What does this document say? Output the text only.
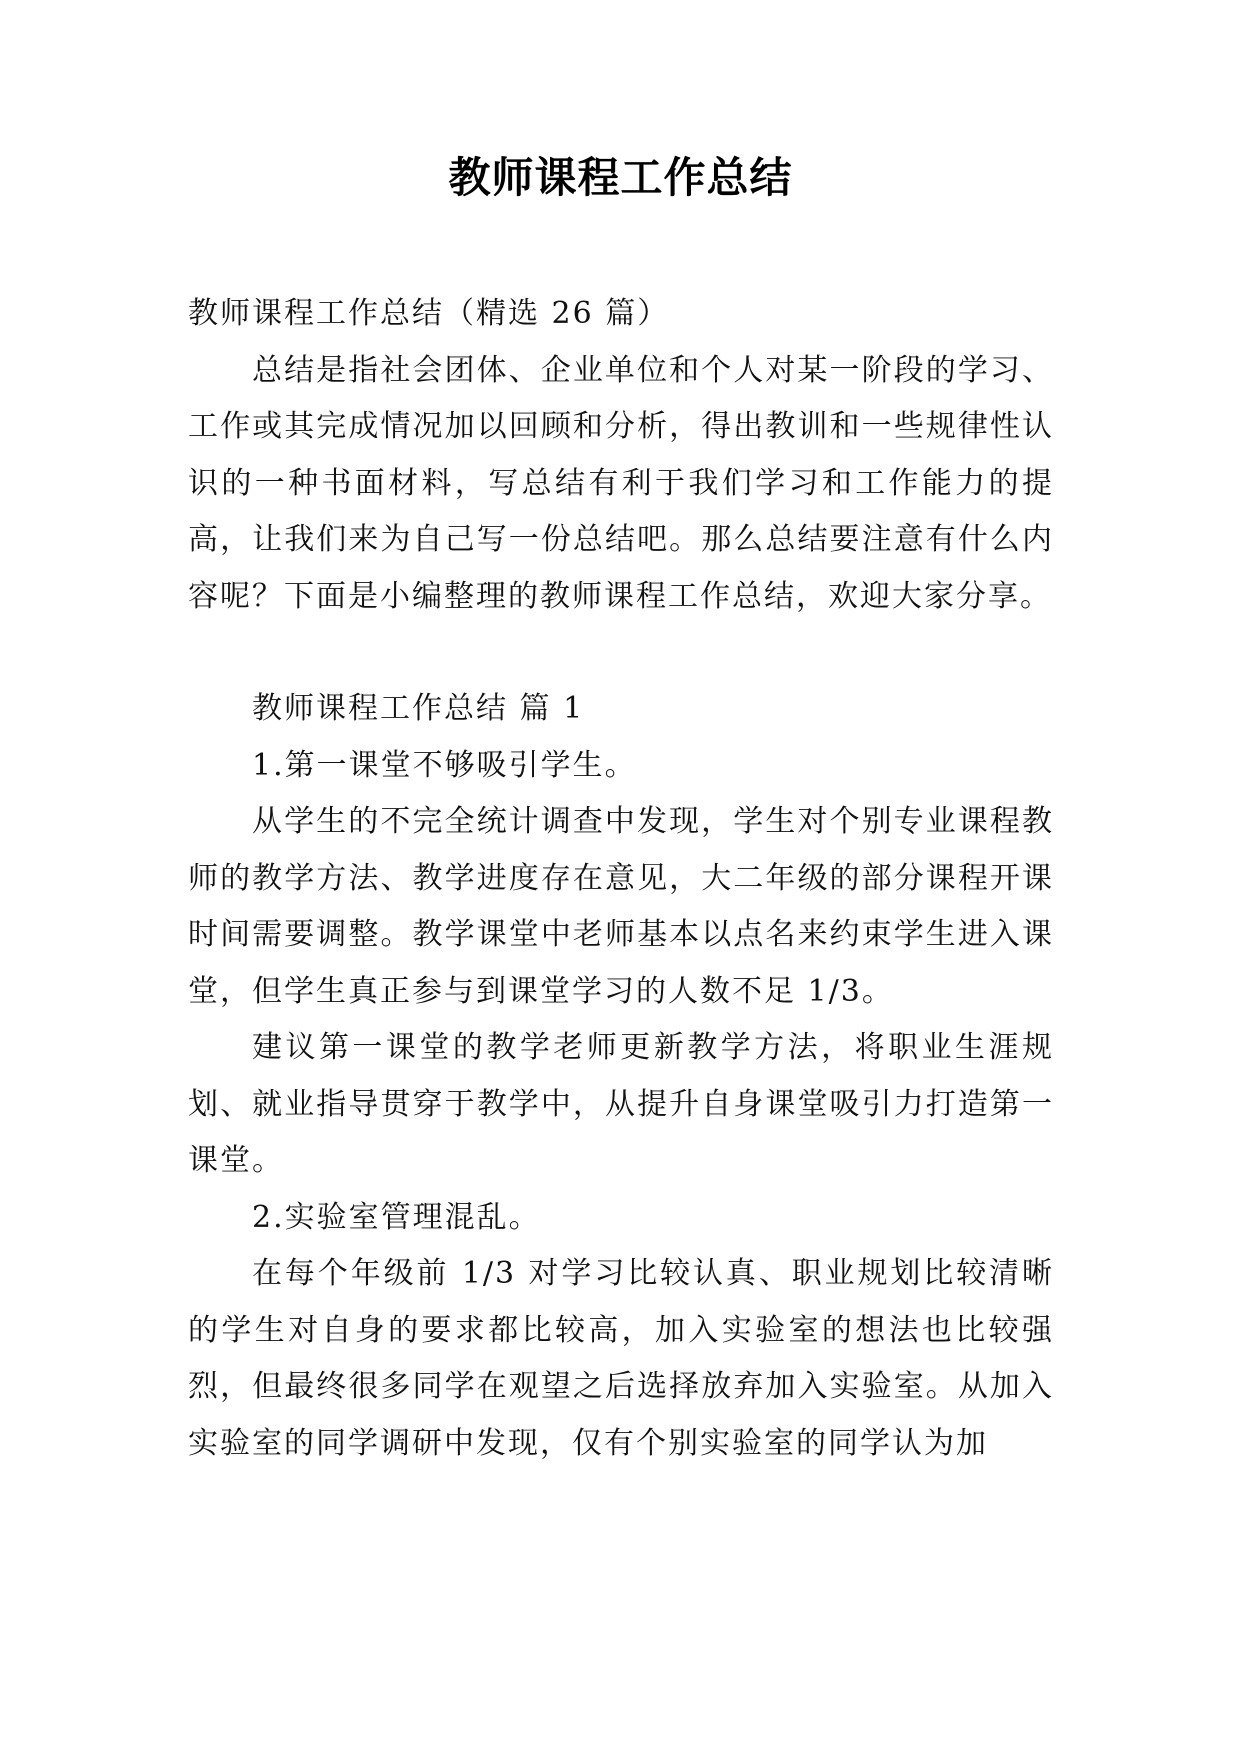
教师课程工作总结

教师课程工作总结（精选 26 篇）

总结是指社会团体、企业单位和个人对某一阶段的学习、工作或其完成情况加以回顾和分析，得出教训和一些规律性认识的一种书面材料，写总结有利于我们学习和工作能力的提高，让我们来为自己写一份总结吧。那么总结要注意有什么内容呢？下面是小编整理的教师课程工作总结，欢迎大家分享。

教师课程工作总结 篇 1

1.第一课堂不够吸引学生。

从学生的不完全统计调查中发现，学生对个别专业课程教师的教学方法、教学进度存在意见，大二年级的部分课程开课时间需要调整。教学课堂中老师基本以点名来约束学生进入课堂，但学生真正参与到课堂学习的人数不足 1/3。

建议第一课堂的教学老师更新教学方法，将职业生涯规划、就业指导贯穿于教学中，从提升自身课堂吸引力打造第一课堂。

2.实验室管理混乱。

在每个年级前 1/3 对学习比较认真、职业规划比较清晰的学生对自身的要求都比较高，加入实验室的想法也比较强烈，但最终很多同学在观望之后选择放弃加入实验室。从加入实验室的同学调研中发现，仅有个别实验室的同学认为加
